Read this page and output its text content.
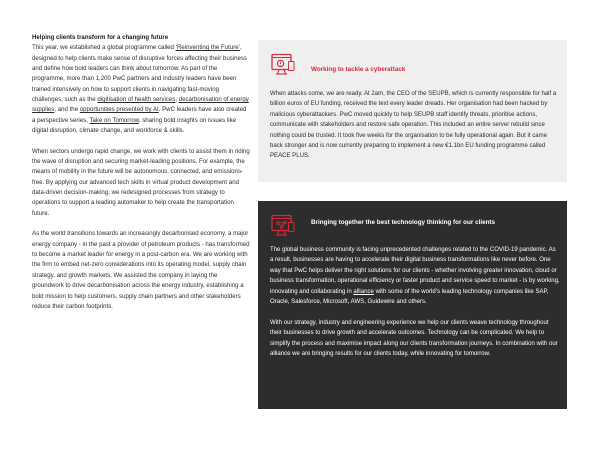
Helping clients transform for a changing future

This year, we established a global programme called ‘Reinventing the Future’, designed to help clients make sense of disruptive forces affecting their business and define how bold leaders can think about tomorrow. As part of the programme, more than 1,200 PwC partners and industry leaders have been trained intensively on how to support clients in navigating fast-moving challenges, such as the digitisation of health services, decarbonisation of energy supplies, and the opportunities presented by AI. PwC leaders have also created a perspective series, Take on Tomorrow, sharing bold insights on issues like digital disruption, climate change, and workforce & skills.

When sectors undergo rapid change, we work with clients to assist them in riding the wave of disruption and securing market-leading positions. For example, the means of mobility in the future will be autonomous, connected, and emissions-free. By applying our advanced tech skills in virtual product development and data-driven decision-making, we redesigned processes from strategy to operations to support a leading automaker to help create the transportation future.

As the world transitions towards an increasingly decarbonised economy, a major energy company - in the past a provider of petroleum products - has transformed to become a market leader for energy in a post-carbon era. We are working with the firm to embed net-zero considerations into its operating model, supply chain strategy, and growth markets. We assisted the company in laying the groundwork to drive decarbonisation across the energy industry, establishing a bold mission to help customers, supply chain partners and other stakeholders reduce their carbon footprints.

Working to tackle a cyberattack

When attacks come, we are ready. At 2am, the CEO of the SEUPB, which is currently responsible for half a billion euros of EU funding, received the text every leader dreads. Her organisation had been hacked by malicious cyberattackers. PwC moved quickly to help SEUPB staff identify threats, prioritise actions, communicate with stakeholders and restore safe operation. This included an entire server rebuild since nothing could be trusted. It took five weeks for the organisation to be fully operational again. But it came back stronger and is now currently preparing to implement a new €1.1bn EU funding programme called PEACE PLUS.

Bringing together the best technology thinking for our clients

The global business community is facing unprecedented challenges related to the COVID-19 pandemic. As a result, businesses are having to accelerate their digital business transformations like never before. One way that PwC helps deliver the right solutions for our clients - whether involving greater innovation, cloud or business transformation, operational efficiency or faster product and service speed to market - is by working, innovating and collaborating in alliance with some of the world’s leading technology companies like SAP, Oracle, Salesforce, Microsoft, AWS, Guidewire and others.

With our strategy, industry and engineering experience we help our clients weave technology throughout their businesses to drive growth and accelerate outcomes. Technology can be complicated. We help to simplify the process and maximise impact along our clients transformation journeys. In combination with our alliance we are bringing results for our clients today, while innovating for tomorrow.
